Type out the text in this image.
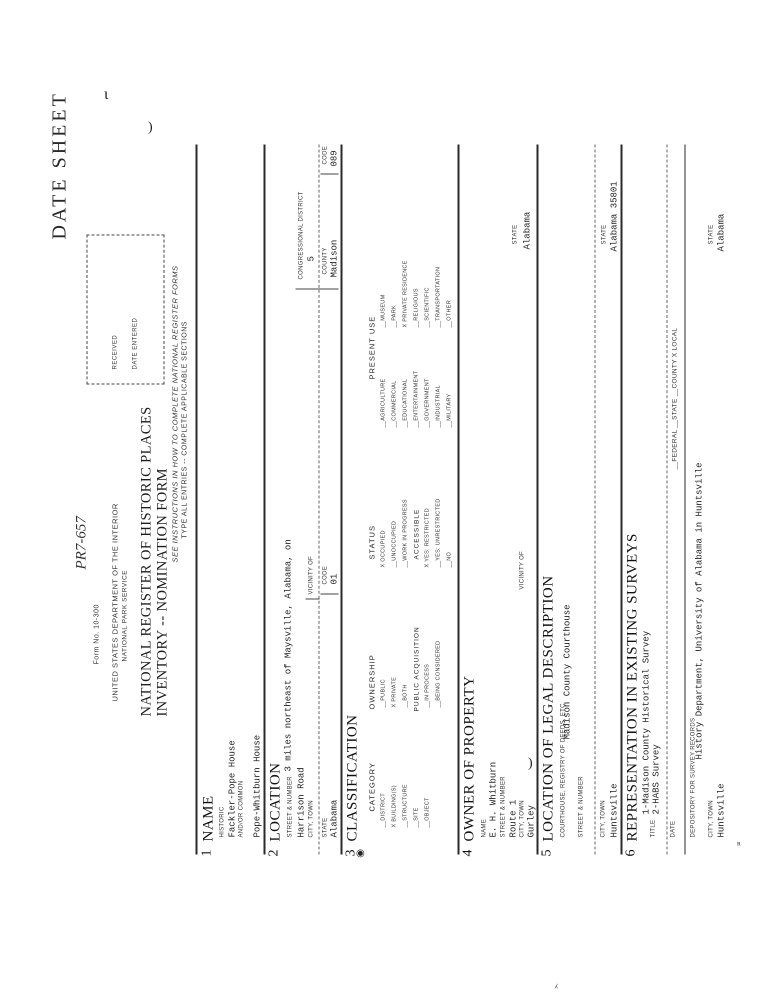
Form No. 10-300
PR7-657	UNITED STATES DEPARTMENT OF THE INTERIOR NATIONAL PARK SERVICE NATIONAL REGISTER OF HISTORIC PLACES INVENTORY -- NOMINATION FORM
RECEIVED DATE ENTERED
DATE SHEET
SEE INSTRUCTIONS IN HOW TO COMPLETE NATIONAL REGISTER FORMS TYPE ALL ENTRIES -- COMPLETE APPLICABLE SECTIONS
1
NAME HISTORIC Fackler-Pope House AND/OR COMMON Pope-Whitburn House
2
LOCATION STREET & NUMBER
3 miles northeast of Maysville, Alabama, on
Harrison Road CITY, TOWN
VICINITY OF
CONGRESSIONAL DISTRICT 5
STATE Alabama
CODE 01
COUNTY Madison
CODE 089
3
CLASSIFICATION CATEGORY
OWNERSHIP
STATUS
PRESENT USE
__DISTRICT X BUILDING(S) __STRUCTURE __SITE __OBJECT
__PUBLIC X PRIVATE __BOTH PUBLIC ACQUISITION __IN PROCESS __BEING CONSIDERED
X OCCUPIED __UNOCCUPIED __WORK IN PROGRESS ACCESSIBLE X YES: RESTRICTED __YES: UNRESTRICTED __NO
__AGRICULTURE __COMMERCIAL __EDUCATIONAL __ENTERTAINMENT __GOVERNMENT __INDUSTRIAL __MILITARY
__MUSEUM __PARK X PRIVATE RESIDENCE __RELIGIOUS __SCIENTIFIC __TRANSPORTATION __OTHER
4
OWNER OF PROPERTY NAME E. H. Whitburn STREET & NUMBER Route 1 CITY, TOWN Gurley
VICINITY OF
STATE Alabama
5
LOCATION OF LEGAL DESCRIPTION COURTHOUSE, REGISTRY OF DEEDS, ETC.
Madison County Courthouse
STREET & NUMBER	CITY, TOWN Huntsville
STATE Alabama 35801
6
REPRESENTATION IN EXISTING SURVEYS TITLE
1-Madison County Historical Survey 2-HABS Survey
DATE
__FEDERAL __STATE __COUNTY X LOCAL
DEPOSITORY FOR SURVEY RECORDS
History Department, University of Alabama in Huntsville
CITY, TOWN Huntsville
STATE Alabama
ι
)
)
◉
ᴿ
⁁
